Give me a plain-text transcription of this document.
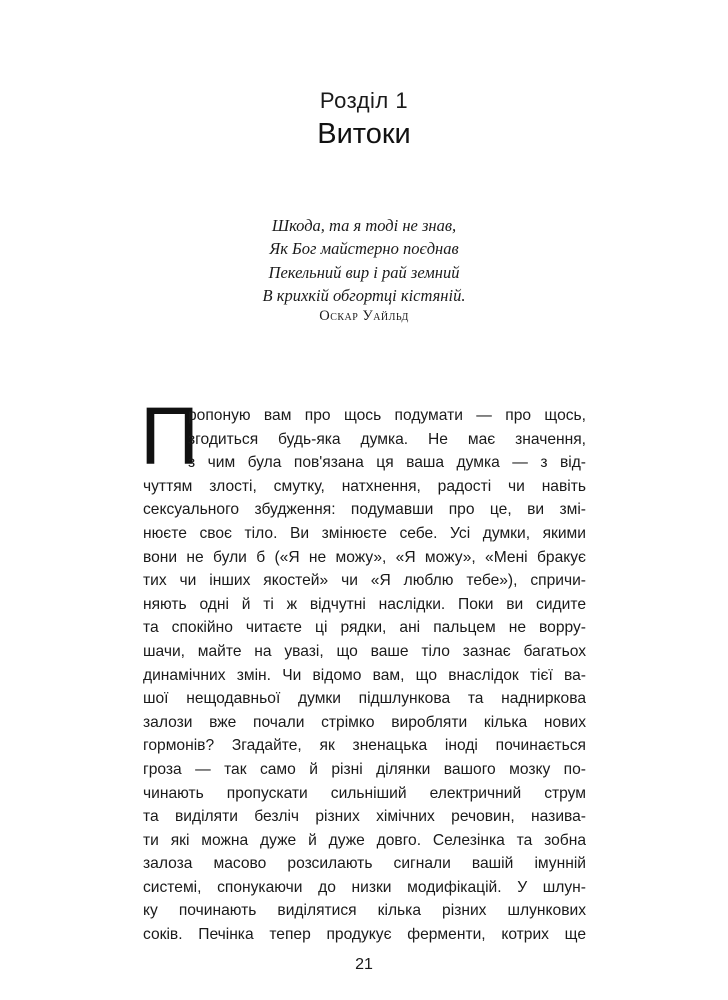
Розділ 1
Витоки
Шкода, та я тоді не знав,
Як Бог майстерно поєднав
Пекельний вир і рай земний
В крихкій обгортці кістяній.
Оскар Уайльд
П
ропоную вам про щось подумати — про щось,
згодиться будь-яка думка. Не має значення,
з чим була пов'язана ця ваша думка — з від-
чуттям злості, смутку, натхнення, радості чи навіть
сексуального збудження: подумавши про це, ви змі-
нюєте своє тіло. Ви змінюєте себе. Усі думки, якими
вони не були б («Я не можу», «Я можу», «Мені бракує
тих чи інших якостей» чи «Я люблю тебе»), спричи-
няють одні й ті ж відчутні наслідки. Поки ви сидите
та спокійно читаєте ці рядки, ані пальцем не ворру-
шачи, майте на увазі, що ваше тіло зазнає багатьох
динамічних змін. Чи відомо вам, що внаслідок тієї ва-
шої нещодавньої думки підшлункова та надниркова
залози вже почали стрімко виробляти кілька нових
гормонів? Згадайте, як зненацька іноді починається
гроза — так само й різні ділянки вашого мозку по-
чинають пропускати сильніший електричний струм
та виділяти безліч різних хімічних речовин, назива-
ти які можна дуже й дуже довго. Селезінка та зобна
залоза масово розсилають сигнали вашій імунній
системі, спонукаючи до низки модифікацій. У шлун-
ку починають виділятися кілька різних шлункових
соків. Печінка тепер продукує ферменти, котрих ще
21
